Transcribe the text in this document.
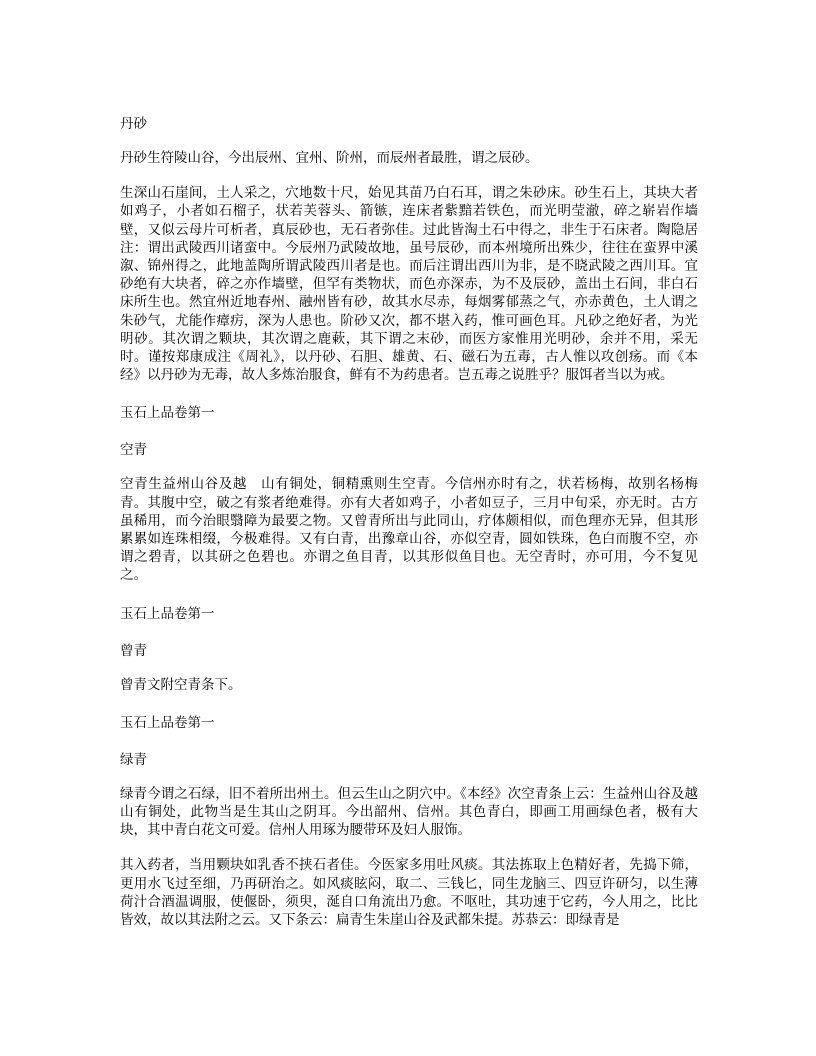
丹砂
丹砂生符陵山谷，今出辰州、宜州、阶州，而辰州者最胜，谓之辰砂。
生深山石崖间，土人采之，穴地数十尺，始见其苗乃白石耳，谓之朱砂床。砂生石上，其块大者如鸡子，小者如石榴子，状若芙蓉头、箭镞，连床者紫黯若铁色，而光明莹澈，碎之崭岩作墙壁，又似云母片可析者，真辰砂也，无石者弥佳。过此皆淘土石中得之，非生于石床者。陶隐居注：谓出武陵西川诸蛮中。今辰州乃武陵故地，虽号辰砂，而本州境所出殊少，往往在蛮界中溪溆、锦州得之，此地盖陶所谓武陵西川者是也。而后注谓出西川为非，是不晓武陵之西川耳。宜砂绝有大块者，碎之亦作墙壁，但罕有类物状，而色亦深赤，为不及辰砂，盖出土石间，非白石床所生也。然宜州近地春州、融州皆有砂，故其水尽赤，每烟雾郁蒸之气，亦赤黄色，土人谓之朱砂气，尤能作瘴疠，深为人患也。阶砂又次，都不堪入药，惟可画色耳。凡砂之绝好者，为光明砂。其次谓之颗块，其次谓之鹿蔌，其下谓之末砂，而医方家惟用光明砂，余并不用，采无时。谨按郑康成注《周礼》，以丹砂、石胆、雄黄、石、磁石为五毒，古人惟以攻创疡。而《本经》以丹砂为无毒，故人多炼治服食，鲜有不为药患者。岂五毒之说胜乎？服饵者当以为戒。
玉石上品卷第一
空青
空青生益州山谷及越　山有铜处，铜精熏则生空青。今信州亦时有之，状若杨梅，故别名杨梅青。其腹中空，破之有浆者绝难得。亦有大者如鸡子，小者如豆子，三月中旬采，亦无时。古方虽稀用，而今治眼翳障为最要之物。又曾青所出与此同山，疗体颇相似，而色理亦无异，但其形累累如连珠相缀，今极难得。又有白青，出豫章山谷，亦似空青，圆如铁珠，色白而腹不空，亦谓之碧青，以其研之色碧也。亦谓之鱼目青，以其形似鱼目也。无空青时，亦可用，今不复见之。
玉石上品卷第一
曾青
曾青文附空青条下。
玉石上品卷第一
绿青
绿青今谓之石绿，旧不着所出州土。但云生山之阴穴中。《本经》次空青条上云：生益州山谷及越　山有铜处，此物当是生其山之阴耳。今出韶州、信州。其色青白，即画工用画绿色者，极有大块，其中青白花文可爱。信州人用琢为腰带环及妇人服饰。
其入药者，当用颗块如乳香不挟石者佳。今医家多用吐风痰。其法拣取上色精好者，先捣下筛，更用水飞过至细，乃再研治之。如风痰眩闷，取二、三钱匕，同生龙脑三、四豆许研匀，以生薄荷汁合酒温调服，使偃卧，须臾，涎自口角流出乃愈。不呕吐，其功速于它药，今人用之，比比皆效，故以其法附之云。又下条云：扁青生朱崖山谷及武都朱提。苏恭云：即绿青是
